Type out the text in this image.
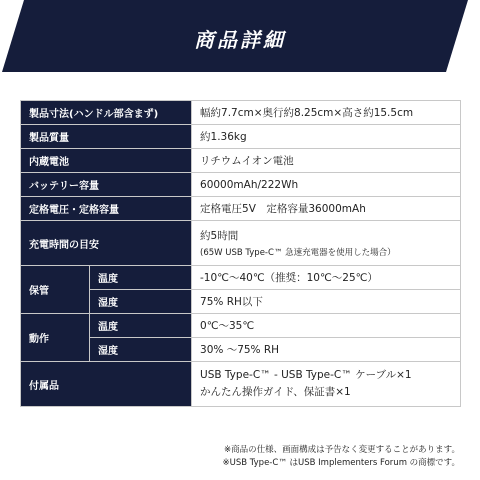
商品詳細
製品寸法(ハンドル部含まず)		幅約7.7cm×奥行約8.25cm×高さ約15.5cm
製品質量		約1.36kg
内蔵電池		リチウムイオン電池
バッテリー容量		60000mAh/222Wh
定格電圧・定格容量		定格電圧5V　定格容量36000mAh
充電時間の目安		約5時間
(65W USB Type-C™ 急速充電器を使用した場合）

保管	温度	-10℃～40℃（推奨：10℃～25℃）
	湿度	75% RH以下
動作	温度	0℃～35℃
	湿度	30% ～75% RH
付属品		USB Type-C™ - USB Type-C™ ケーブル×1
かんたん操作ガイド、保証書×1
※商品の仕様、画面構成は予告なく変更することがあります。
※USB Type-C™ はUSB Implementers Forum の商標です。
